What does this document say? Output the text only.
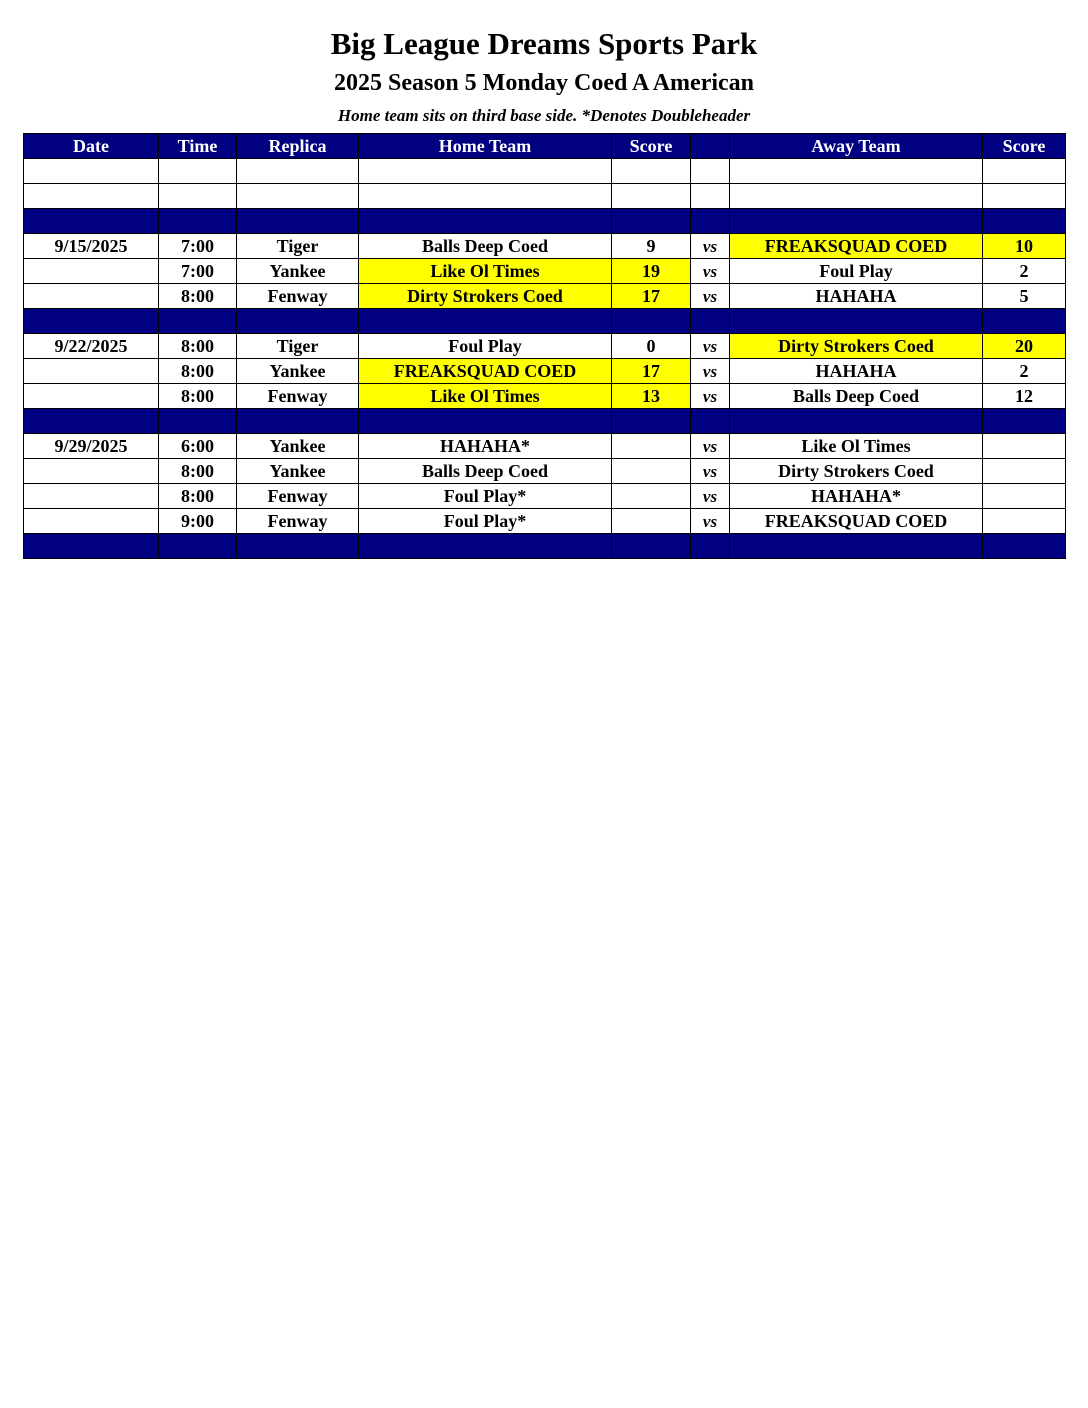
Big League Dreams Sports Park
2025 Season 5 Monday Coed A American
Home team sits on third base side. *Denotes Doubleheader
Date	Time	Replica	Home Team	Score		Away Team	Score

9/15/2025	7:00	Tiger	Balls Deep Coed	9	vs	FREAKSQUAD COED	10
	7:00	Yankee	Like Ol Times	19	vs	Foul Play	2
	8:00	Fenway	Dirty Strokers Coed	17	vs	HAHAHA	5

9/22/2025	8:00	Tiger	Foul Play	0	vs	Dirty Strokers Coed	20
	8:00	Yankee	FREAKSQUAD COED	17	vs	HAHAHA	2
	8:00	Fenway	Like Ol Times	13	vs	Balls Deep Coed	12

9/29/2025	6:00	Yankee	HAHAHA*		vs	Like Ol Times	
	8:00	Yankee	Balls Deep Coed		vs	Dirty Strokers Coed	
	8:00	Fenway	Foul Play*		vs	HAHAHA*	
	9:00	Fenway	Foul Play*		vs	FREAKSQUAD COED	
